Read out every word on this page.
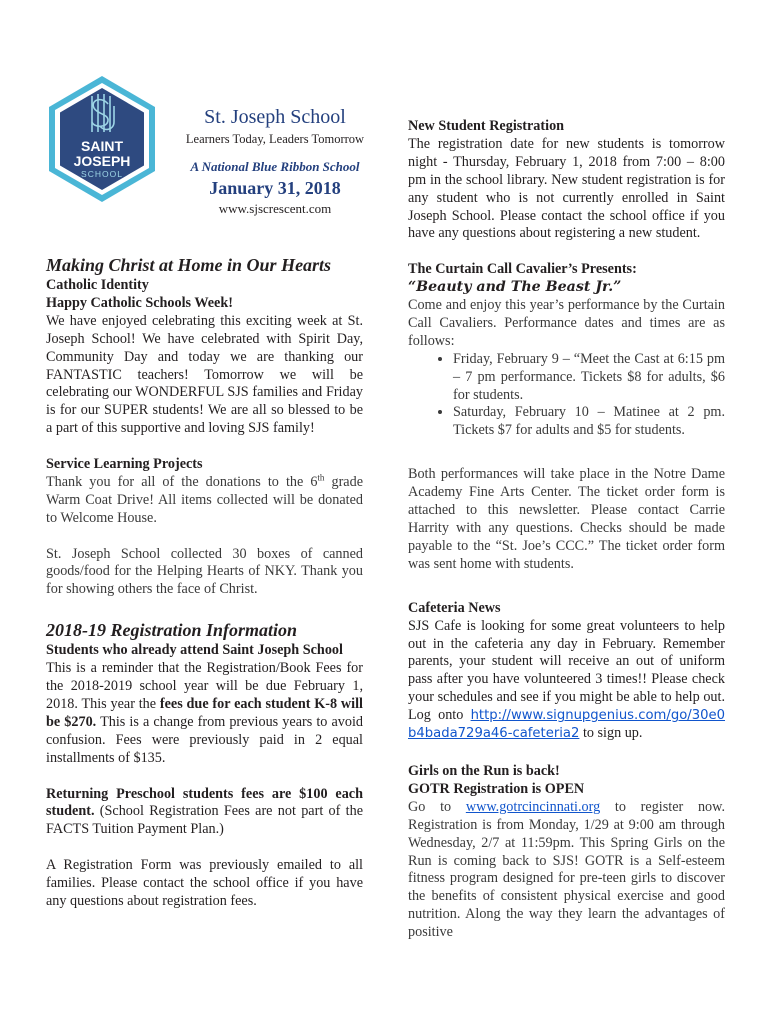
SAINT
JOSEPH
SCHOOL
St. Joseph School
Learners Today, Leaders Tomorrow
A National Blue Ribbon School
January 31, 2018
www.sjscrescent.com
Making Christ at Home in Our Hearts
Catholic Identity
Happy Catholic Schools Week!

We have enjoyed celebrating this exciting week at St. Joseph School! We have celebrated with Spirit Day, Community Day and today we are thanking our FANTASTIC teachers! Tomorrow we will be celebrating our WONDERFUL SJS families and Friday is for our SUPER students! We are all so blessed to be a part of this supportive and loving SJS family!

Service Learning Projects

Thank you for all of the donations to the 6th grade Warm Coat Drive! All items collected will be donated to Welcome House.

St. Joseph School collected 30 boxes of canned goods/food for the Helping Hearts of NKY. Thank you for showing others the face of Christ.

2018-19 Registration Information
Students who already attend Saint Joseph School

This is a reminder that the Registration/Book Fees for the 2018-2019 school year will be due February 1, 2018. This year the fees due for each student K-8 will be $270. This is a change from previous years to avoid confusion. Fees were previously paid in 2 equal installments of $135.

Returning Preschool students fees are $100 each student. (School Registration Fees are not part of the FACTS Tuition Payment Plan.)

A Registration Form was previously emailed to all families. Please contact the school office if you have any questions about registration fees.

New Student Registration

The registration date for new students is tomorrow night - Thursday, February 1, 2018 from 7:00 – 8:00 pm in the school library. New student registration is for any student who is not currently enrolled in Saint Joseph School. Please contact the school office if you have any questions about registering a new student.

The Curtain Call Cavalier’s Presents:
“Beauty and The Beast Jr.”

Come and enjoy this year’s performance by the Curtain Call Cavaliers. Performance dates and times are as follows:

• Friday, February 9 – “Meet the Cast at 6:15 pm – 7 pm performance. Tickets $8 for adults, $6 for students.
• Saturday, February 10 – Matinee at 2 pm. Tickets $7 for adults and $5 for students.

Both performances will take place in the Notre Dame Academy Fine Arts Center. The ticket order form is attached to this newsletter. Please contact Carrie Harrity with any questions. Checks should be made payable to the “St. Joe’s CCC.” The ticket order form was sent home with students.

Cafeteria News

SJS Cafe is looking for some great volunteers to help out in the cafeteria any day in February. Remember parents, your student will receive an out of uniform pass after you have volunteered 3 times!! Please check your schedules and see if you might be able to help out. Log onto http://www.signupgenius.com/go/30e0b4bada729a46-cafeteria2 to sign up.

Girls on the Run is back!
GOTR Registration is OPEN

Go to www.gotrcincinnati.org to register now. Registration is from Monday, 1/29 at 9:00 am through Wednesday, 2/7 at 11:59pm. This Spring Girls on the Run is coming back to SJS! GOTR is a Self-esteem fitness program designed for pre-teen girls to discover the benefits of consistent physical exercise and good nutrition. Along the way they learn the advantages of positive
